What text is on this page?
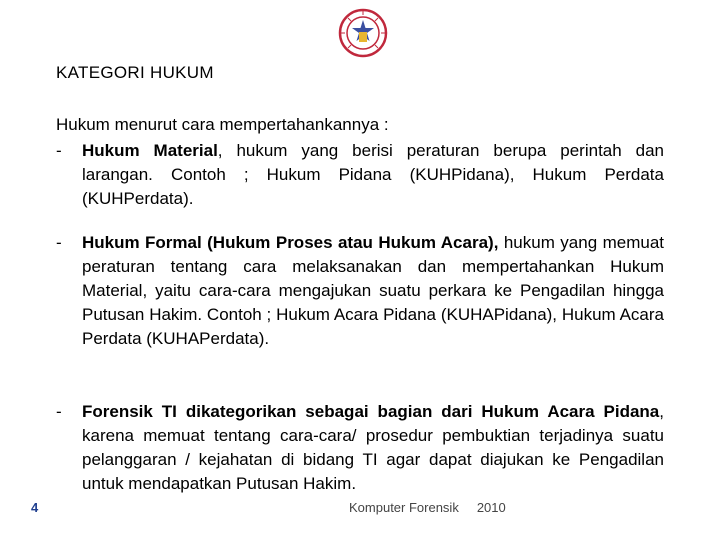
KATEGORI HUKUM
Hukum menurut cara mempertahankannya :
-	Hukum Material, hukum yang berisi peraturan berupa perintah dan larangan. Contoh ; Hukum Pidana (KUHPidana), Hukum Perdata (KUHPerdata).
-	Hukum Formal (Hukum Proses atau Hukum Acara), hukum yang memuat peraturan tentang cara melaksanakan dan mempertahankan Hukum Material, yaitu cara-cara mengajukan suatu perkara ke Pengadilan hingga Putusan Hakim. Contoh ; Hukum Acara Pidana (KUHAPidana), Hukum Acara Perdata (KUHAPerdata).
-	Forensik TI dikategorikan sebagai bagian dari Hukum Acara Pidana, karena memuat tentang cara-cara/ prosedur pembuktian terjadinya suatu pelanggaran / kejahatan di bidang TI agar dapat diajukan ke Pengadilan untuk mendapatkan Putusan Hakim.
4	Komputer Forensik 2010
